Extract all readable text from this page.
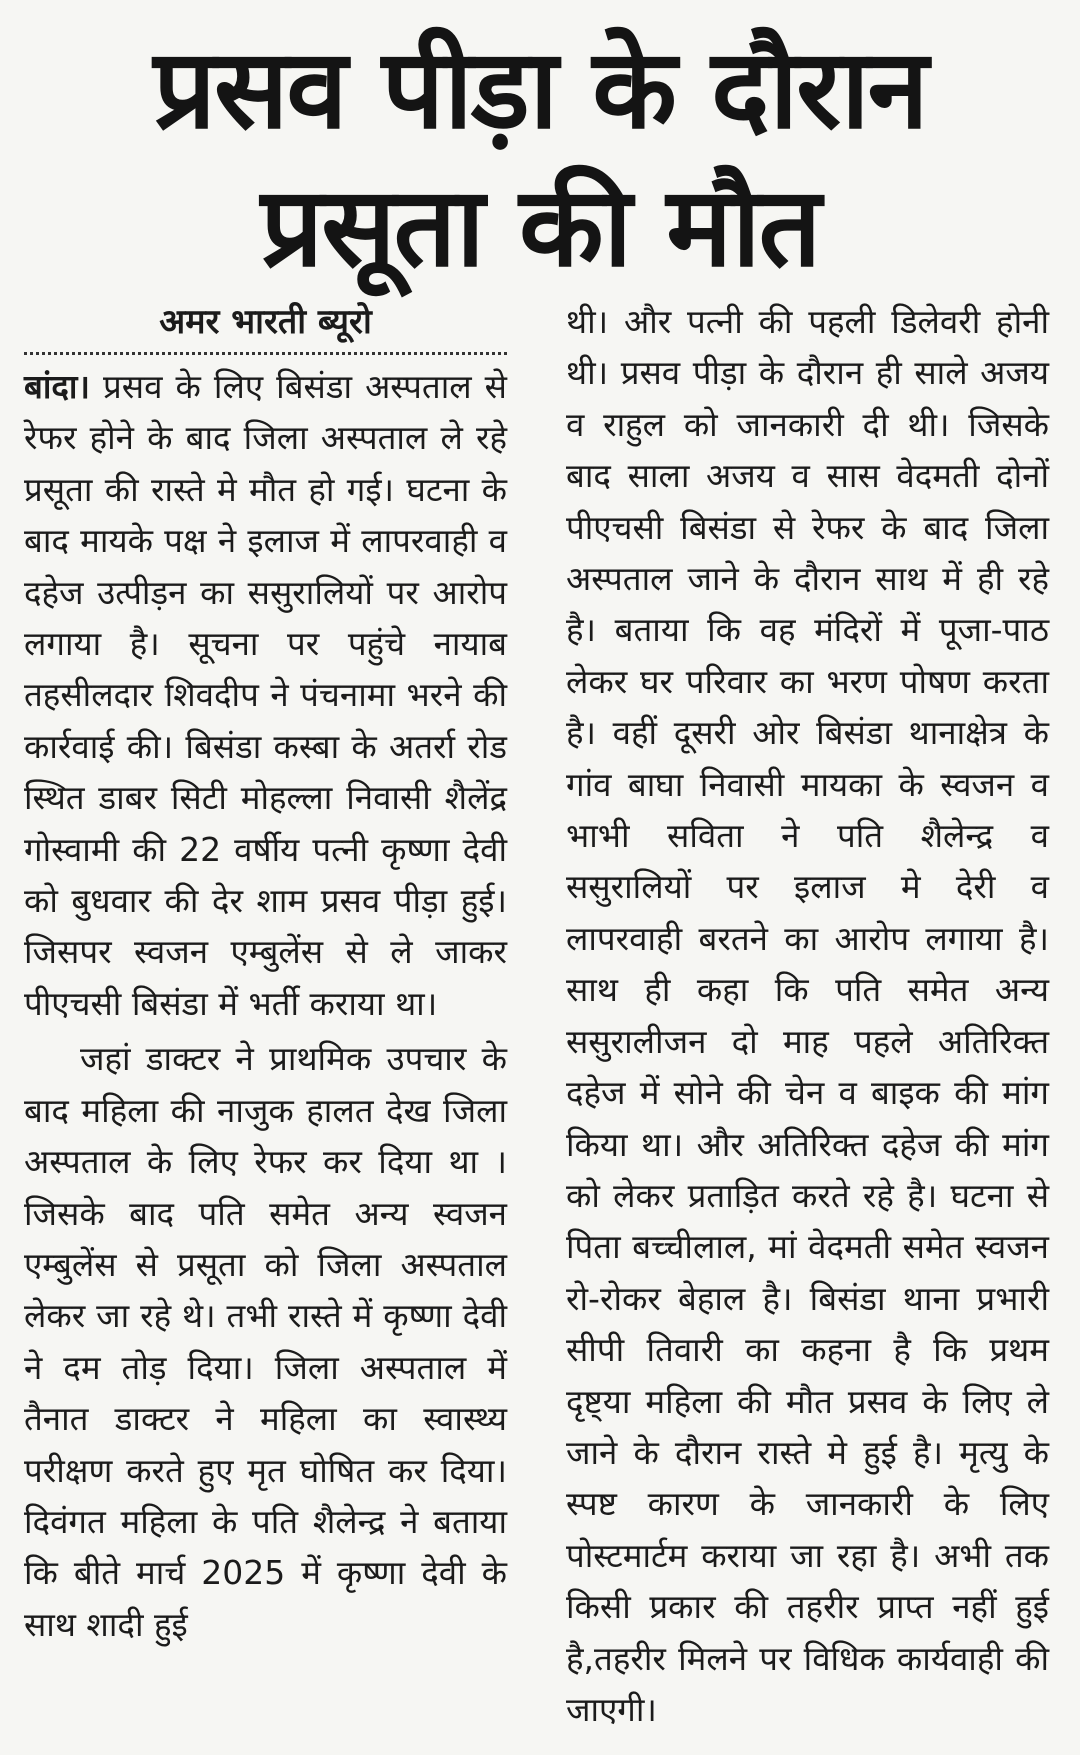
प्रसव पीड़ा के दौरान
प्रसूता की मौत
अमर भारती ब्यूरो

बांदा। प्रसव के लिए बिसंडा अस्पताल से रेफर होने के बाद जिला अस्पताल ले रहे प्रसूता की रास्ते मे मौत हो गई। घटना के बाद मायके पक्ष ने इलाज में लापरवाही व दहेज उत्पीड़न का ससुरालियों पर आरोप लगाया है। सूचना पर पहुंचे नायाब तहसीलदार शिवदीप ने पंचनामा भरने की कार्रवाई की। बिसंडा कस्बा के अतर्रा रोड स्थित डाबर सिटी मोहल्ला निवासी शैलेंद्र गोस्वामी की 22 वर्षीय पत्नी कृष्णा देवी को बुधवार की देर शाम प्रसव पीड़ा हुई। जिसपर स्वजन एम्बुलेंस से ले जाकर पीएचसी बिसंडा में भर्ती कराया था।

जहां डाक्टर ने प्राथमिक उपचार के बाद महिला की नाजुक हालत देख जिला अस्पताल के लिए रेफर कर दिया था ।जिसके बाद पति समेत अन्य स्वजन एम्बुलेंस से प्रसूता को जिला अस्पताल लेकर जा रहे थे। तभी रास्ते में कृष्णा देवी ने दम तोड़ दिया। जिला अस्पताल में तैनात डाक्टर ने महिला का स्वास्थ्य परीक्षण करते हुए मृत घोषित कर दिया। दिवंगत महिला के पति शैलेन्द्र ने बताया कि बीते मार्च 2025 में कृष्णा देवी के साथ शादी हुई

थी। और पत्नी की पहली डिलेवरी होनी थी। प्रसव पीड़ा के दौरान ही साले अजय व राहुल को जानकारी दी थी। जिसके बाद साला अजय व सास वेदमती दोनों पीएचसी बिसंडा से रेफर के बाद जिला अस्पताल जाने के दौरान साथ में ही रहे है। बताया कि वह मंदिरों में पूजा-पाठ लेकर घर परिवार का भरण पोषण करता है। वहीं दूसरी ओर बिसंडा थानाक्षेत्र के गांव बाघा निवासी मायका के स्वजन व भाभी सविता ने पति शैलेन्द्र व ससुरालियों पर इलाज मे देरी व लापरवाही बरतने का आरोप लगाया है। साथ ही कहा कि पति समेत अन्य ससुरालीजन दो माह पहले अतिरिक्त दहेज में सोने की चेन व बाइक की मांग किया था। और अतिरिक्त दहेज की मांग को लेकर प्रताड़ित करते रहे है। घटना से पिता बच्चीलाल, मां वेदमती समेत स्वजन रो-रोकर बेहाल है। बिसंडा थाना प्रभारी सीपी तिवारी का कहना है कि प्रथम दृष्ट्या महिला की मौत प्रसव के लिए ले जाने के दौरान रास्ते मे हुई है। मृत्यु के स्पष्ट कारण के जानकारी के लिए पोस्टमार्टम कराया जा रहा है। अभी तक किसी प्रकार की तहरीर प्राप्त नहीं हुई है,तहरीर मिलने पर विधिक कार्यवाही की जाएगी।
